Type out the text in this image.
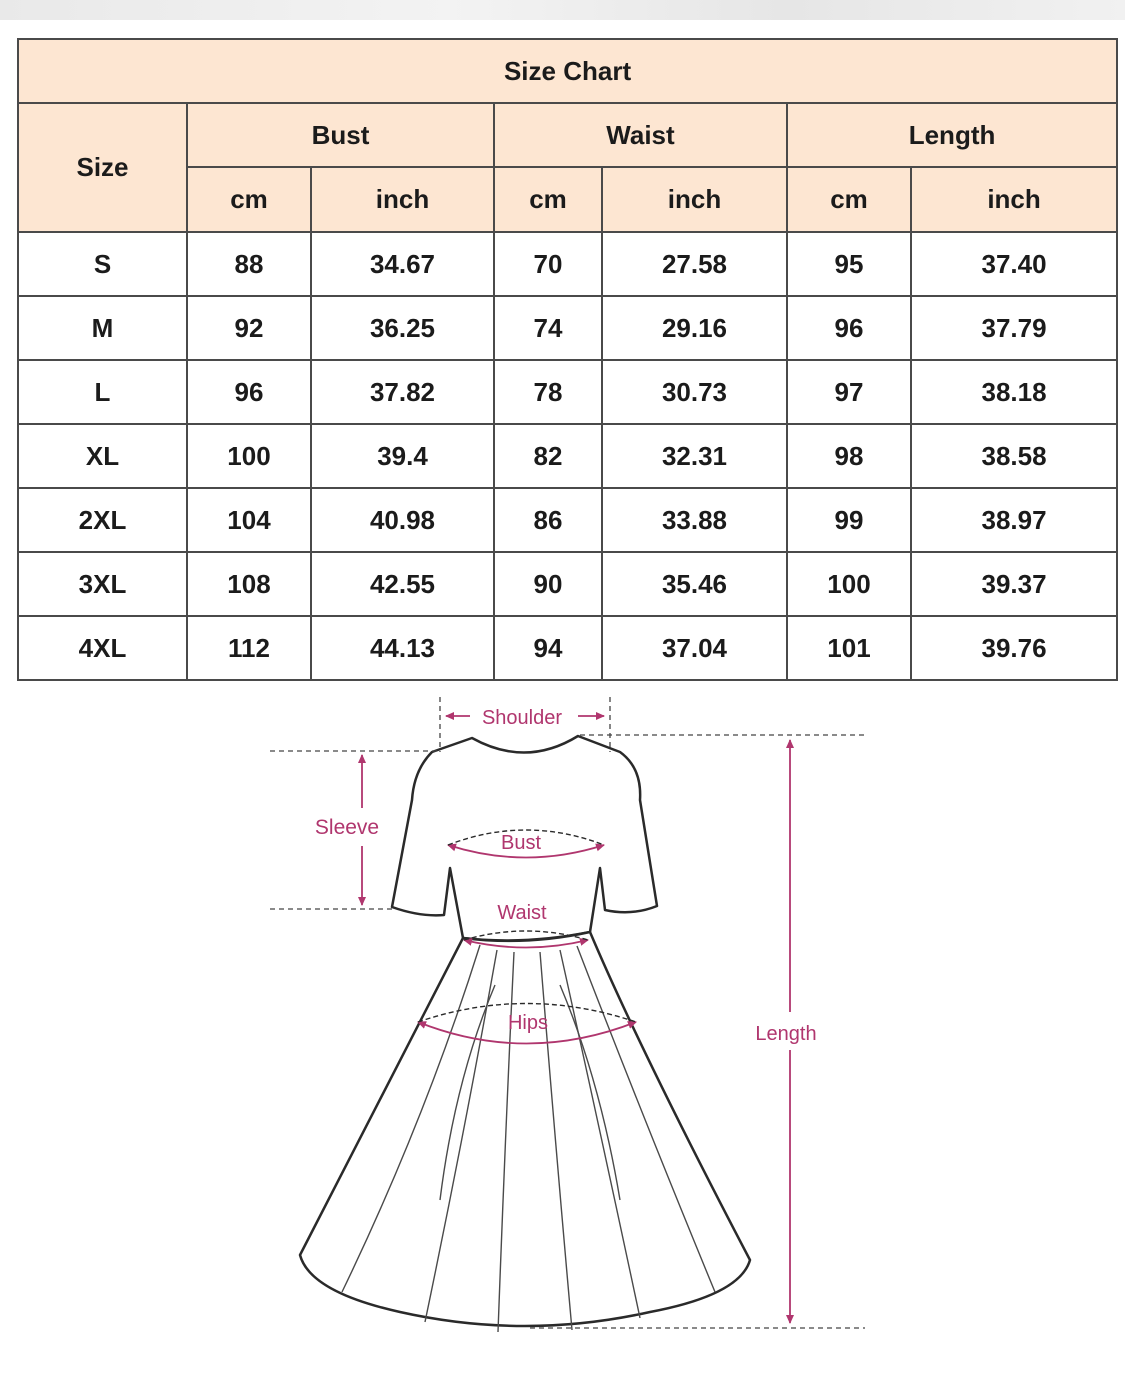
Size Chart						
Size	Bust		Waist		Length	
	cm	inch	cm	inch	cm	inch
S	88	34.67	70	27.58	95	37.40
M	92	36.25	74	29.16	96	37.79
L	96	37.82	78	30.73	97	38.18
XL	100	39.4	82	32.31	98	38.58
2XL	104	40.98	86	33.88	99	38.97
3XL	108	42.55	90	35.46	100	39.37
4XL	112	44.13	94	37.04	101	39.76
Shoulder
Sleeve
Bust
Waist
Hips	Length
